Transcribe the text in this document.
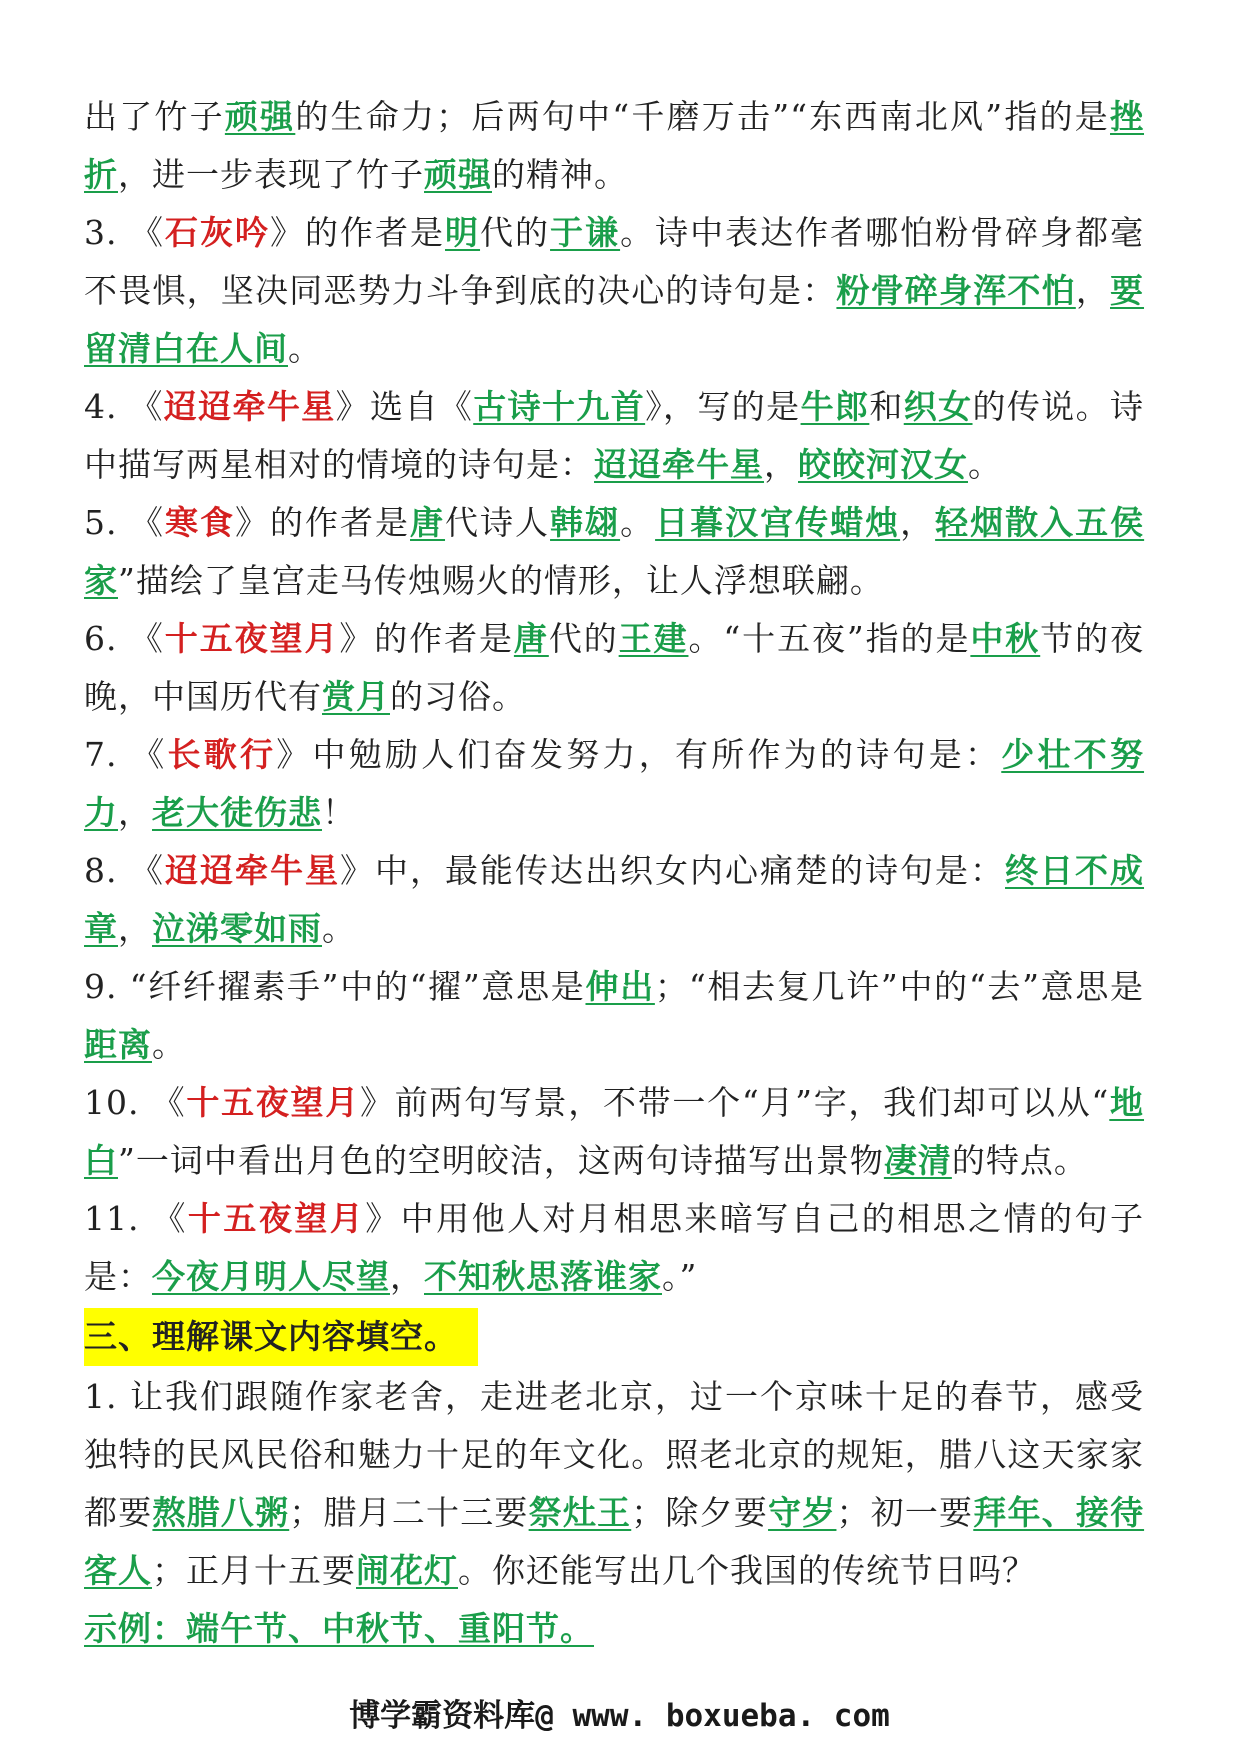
出了竹子顽强的生命力；后两句中“千磨万击”“东西南北风”指的是挫折，进一步表现了竹子顽强的精神。

3. 《石灰吟》的作者是明代的于谦。诗中表达作者哪怕粉骨碎身都毫不畏惧，坚决同恶势力斗争到底的决心的诗句是：粉骨碎身浑不怕，要留清白在人间。

4. 《迢迢牵牛星》选自《古诗十九首》，写的是牛郎和织女的传说。诗中描写两星相对的情境的诗句是：迢迢牵牛星，皎皎河汉女。

5. 《寒食》的作者是唐代诗人韩翃。日暮汉宫传蜡烛，轻烟散入五侯家”描绘了皇宫走马传烛赐火的情形，让人浮想联翩。

6. 《十五夜望月》的作者是唐代的王建。“十五夜”指的是中秋节的夜晚，中国历代有赏月的习俗。

7. 《长歌行》中勉励人们奋发努力，有所作为的诗句是：少壮不努力，老大徒伤悲！

8. 《迢迢牵牛星》中，最能传达出织女内心痛楚的诗句是：终日不成章，泣涕零如雨。

9. “纤纤擢素手”中的“擢”意思是伸出；“相去复几许”中的“去”意思是距离。

10. 《十五夜望月》前两句写景，不带一个“月”字，我们却可以从“地白”一词中看出月色的空明皎洁，这两句诗描写出景物凄清的特点。

11. 《十五夜望月》中用他人对月相思来暗写自己的相思之情的句子是：今夜月明人尽望，不知秋思落谁家。”

三、理解课文内容填空。

1. 让我们跟随作家老舍，走进老北京，过一个京味十足的春节，感受独特的民风民俗和魅力十足的年文化。照老北京的规矩，腊八这天家家都要熬腊八粥；腊月二十三要祭灶王；除夕要守岁；初一要拜年、接待客人；正月十五要闹花灯。你还能写出几个我国的传统节日吗？

示例：端午节、中秋节、重阳节。

博学霸资料库@ www. boxueba. com
